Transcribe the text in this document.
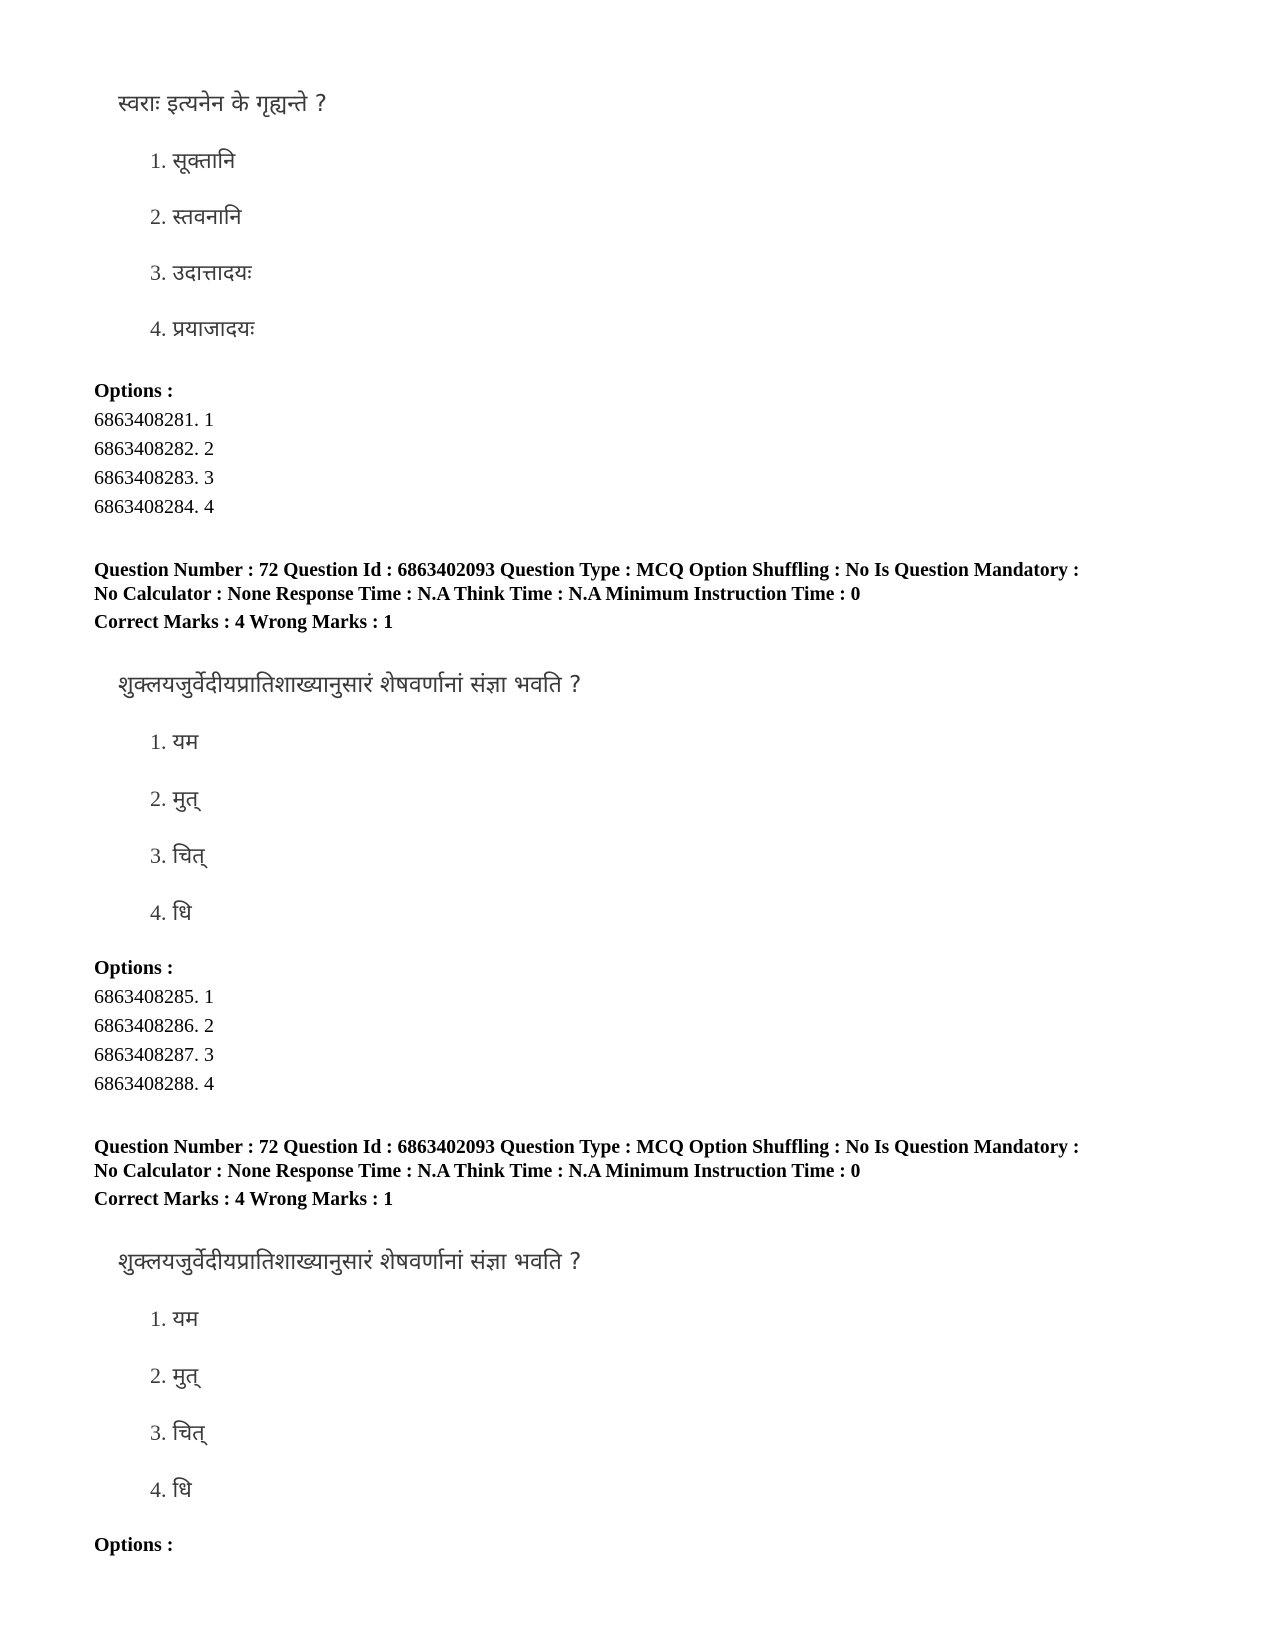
स्वराः इत्यनेन के गृह्यन्ते ?
1. सूक्तानि
2. स्तवनानि
3. उदात्तादयः
4. प्रयाजादयः
Options :
6863408281. 1
6863408282. 2
6863408283. 3
6863408284. 4
Question Number : 72 Question Id : 6863402093 Question Type : MCQ Option Shuffling : No Is Question Mandatory :
No Calculator : None Response Time : N.A Think Time : N.A Minimum Instruction Time : 0
Correct Marks : 4 Wrong Marks : 1
शुक्लयजुर्वेदीयप्रातिशाख्यानुसारं शेषवर्णानां संज्ञा भवति ?
1. यम
2. मुत्
3. चित्
4. धि
Options :
6863408285. 1
6863408286. 2
6863408287. 3
6863408288. 4
Question Number : 72 Question Id : 6863402093 Question Type : MCQ Option Shuffling : No Is Question Mandatory :
No Calculator : None Response Time : N.A Think Time : N.A Minimum Instruction Time : 0
Correct Marks : 4 Wrong Marks : 1
शुक्लयजुर्वेदीयप्रातिशाख्यानुसारं शेषवर्णानां संज्ञा भवति ?
1. यम
2. मुत्
3. चित्
4. धि
Options :
